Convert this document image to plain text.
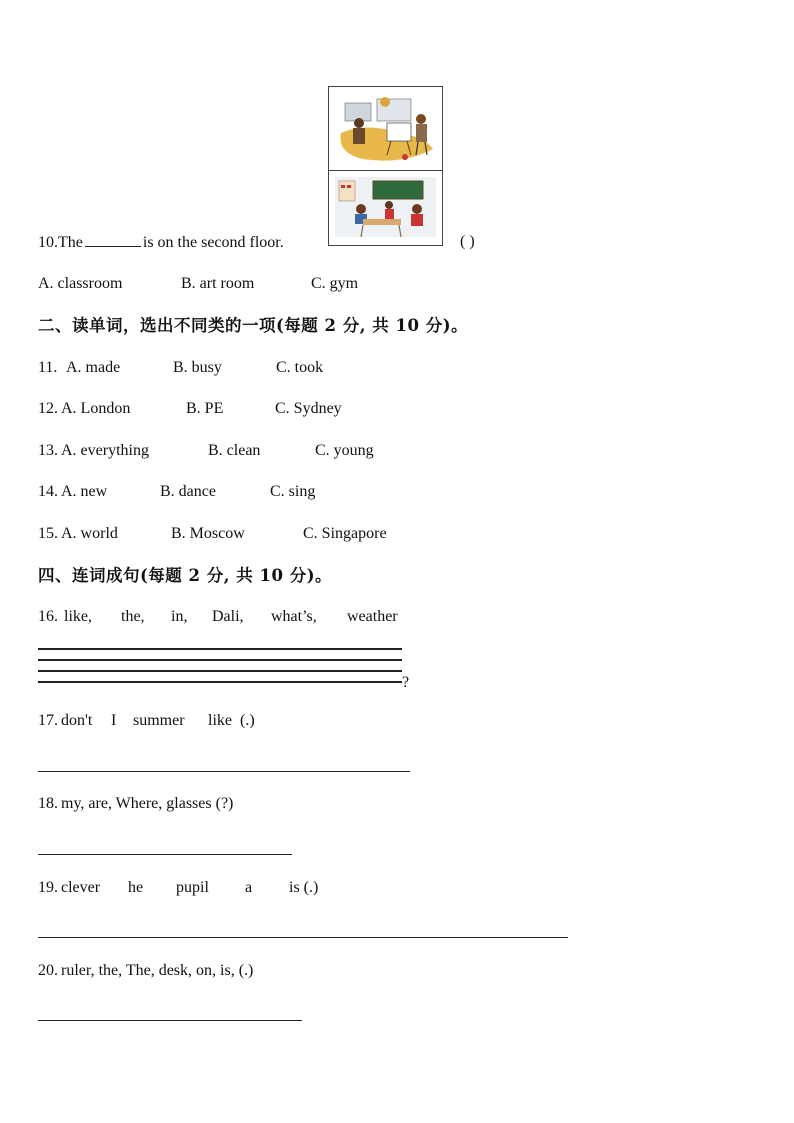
10.The	is on the second floor.	( )
A. classroom	B. art room	C. gym
二、读单词，选出不同类的一项(每题 2 分, 共 10 分)。
11. A. made	B. busy	C. took
12. A. London	B. PE	C. Sydney
13. A. everything	B. clean	C. young
14. A. new	B. dance	C. sing
15. A. world	B. Moscow	C. Singapore
四、连词成句(每题 2 分, 共 10 分)。
16. like, the, in, Dali, what’s, weather
?
17. don't I summer like (.)
18. my, are, Where, glasses (?)
19. clever he pupil a is (.)
20. ruler, the, The, desk, on, is, (.)
